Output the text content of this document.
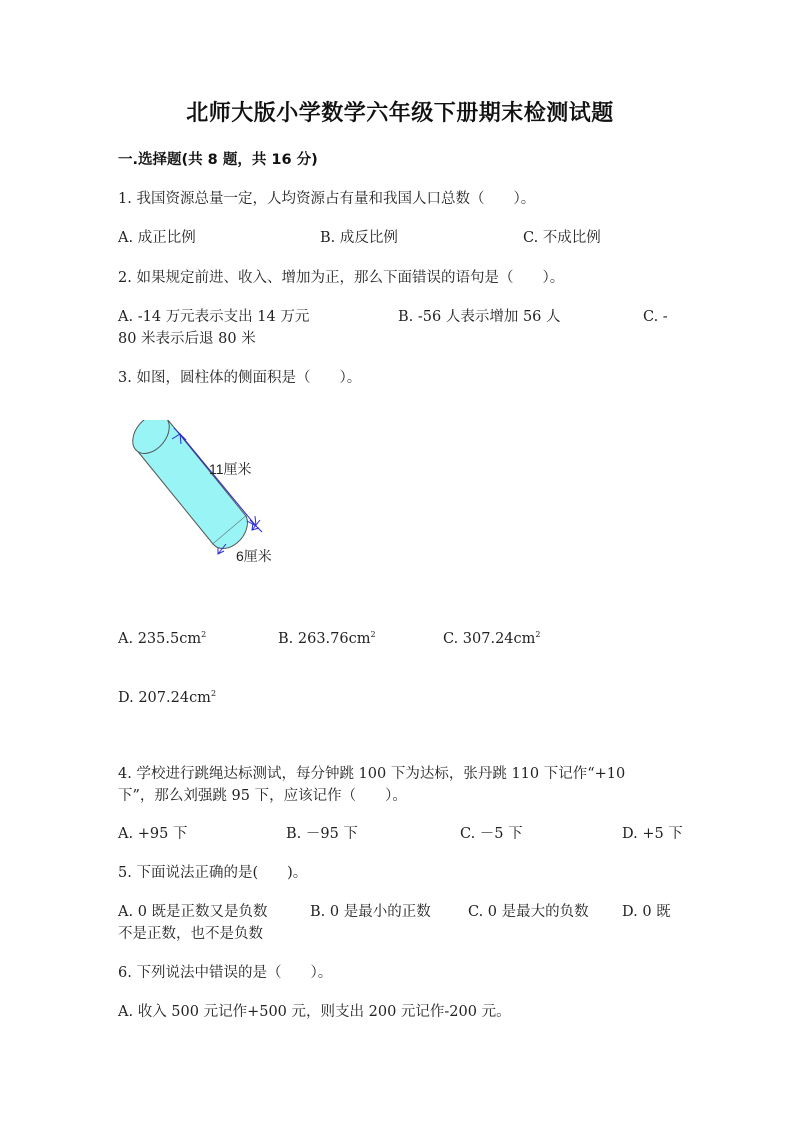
北师大版小学数学六年级下册期末检测试题
一.选择题(共 8 题，共 16 分)
1. 我国资源总量一定，人均资源占有量和我国人口总数（　　）。
A. 成正比例	B. 成反比例	C. 不成比例
2. 如果规定前进、收入、增加为正，那么下面错误的语句是（　　）。
A. -14 万元表示支出 14 万元	B. -56 人表示增加 56 人	C. -
80 米表示后退 80 米
3. 如图，圆柱体的侧面积是（　　）。
11厘米
6厘米
A. $235.5cm^2$	B. $263.76cm^2$	C. $307.24cm^2$
D. $207.24cm^2$
4. 学校进行跳绳达标测试，每分钟跳 100 下为达标，张丹跳 110 下记作“+10
下”，那么刘强跳 95 下，应该记作（　　）。
A. +95 下	B. －95 下	C. －5 下	D. +5 下
5. 下面说法正确的是(　　)。
A. 0 既是正数又是负数	B. 0 是最小的正数	C. 0 是最大的负数 D. 0 既
不是正数，也不是负数
6. 下列说法中错误的是（　　）。
A. 收入 500 元记作+500 元，则支出 200 元记作-200 元。
